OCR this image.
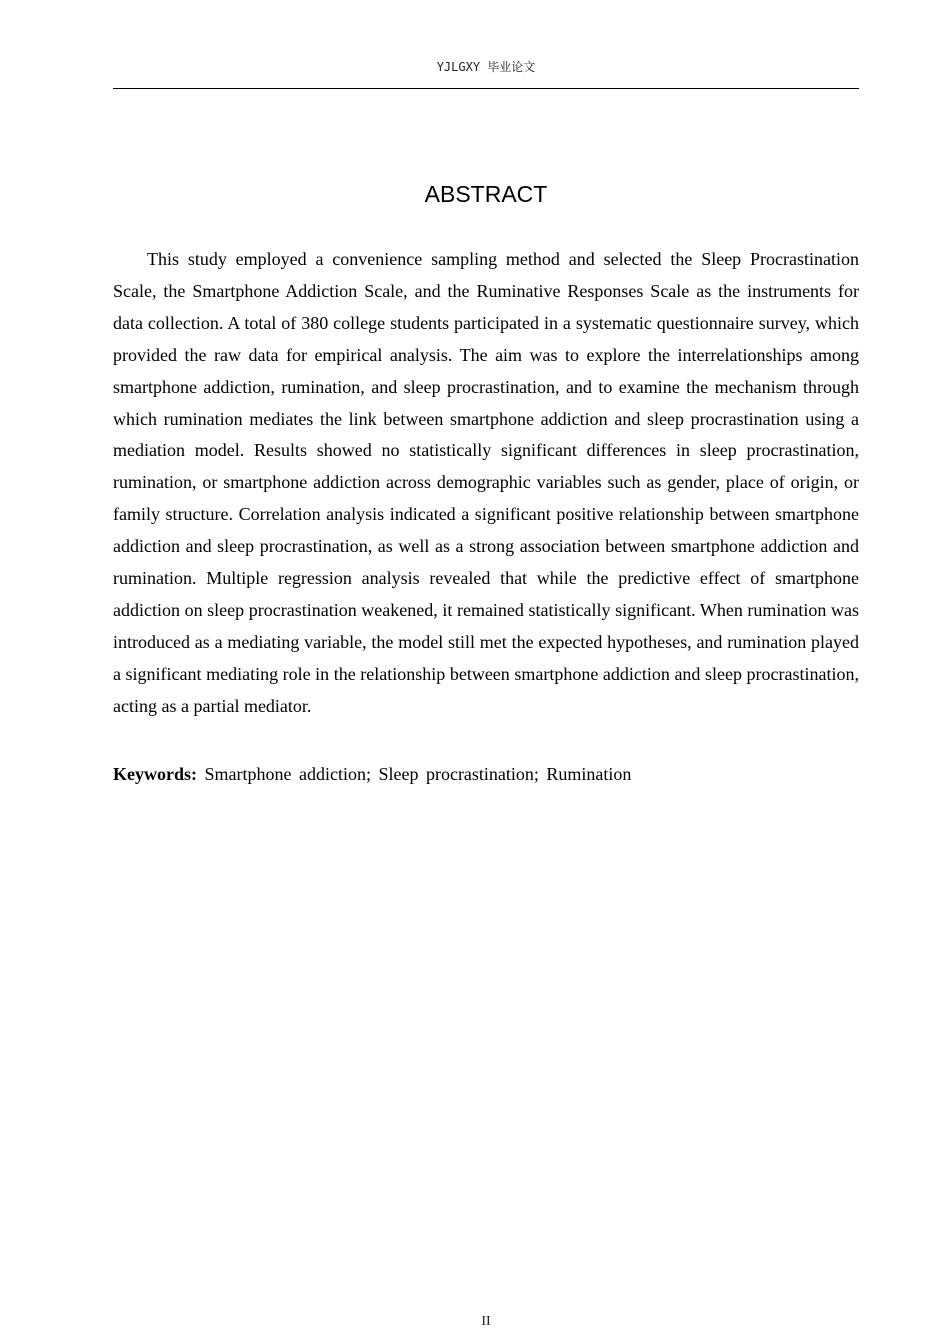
YJLGXY 毕业论文
ABSTRACT

This study employed a convenience sampling method and selected the Sleep Procrastination Scale, the Smartphone Addiction Scale, and the Ruminative Responses Scale as the instruments for data collection. A total of 380 college students participated in a systematic questionnaire survey, which provided the raw data for empirical analysis. The aim was to explore the interrelationships among smartphone addiction, rumination, and sleep procrastination, and to examine the mechanism through which rumination mediates the link between smartphone addiction and sleep procrastination using a mediation model. Results showed no statistically significant differences in sleep procrastination, rumination, or smartphone addiction across demographic variables such as gender, place of origin, or family structure. Correlation analysis indicated a significant positive relationship between smartphone addiction and sleep procrastination, as well as a strong association between smartphone addiction and rumination. Multiple regression analysis revealed that while the predictive effect of smartphone addiction on sleep procrastination weakened, it remained statistically significant. When rumination was introduced as a mediating variable, the model still met the expected hypotheses, and rumination played a significant mediating role in the relationship between smartphone addiction and sleep procrastination, acting as a partial mediator.

Keywords: Smartphone addiction; Sleep procrastination; Rumination
II
